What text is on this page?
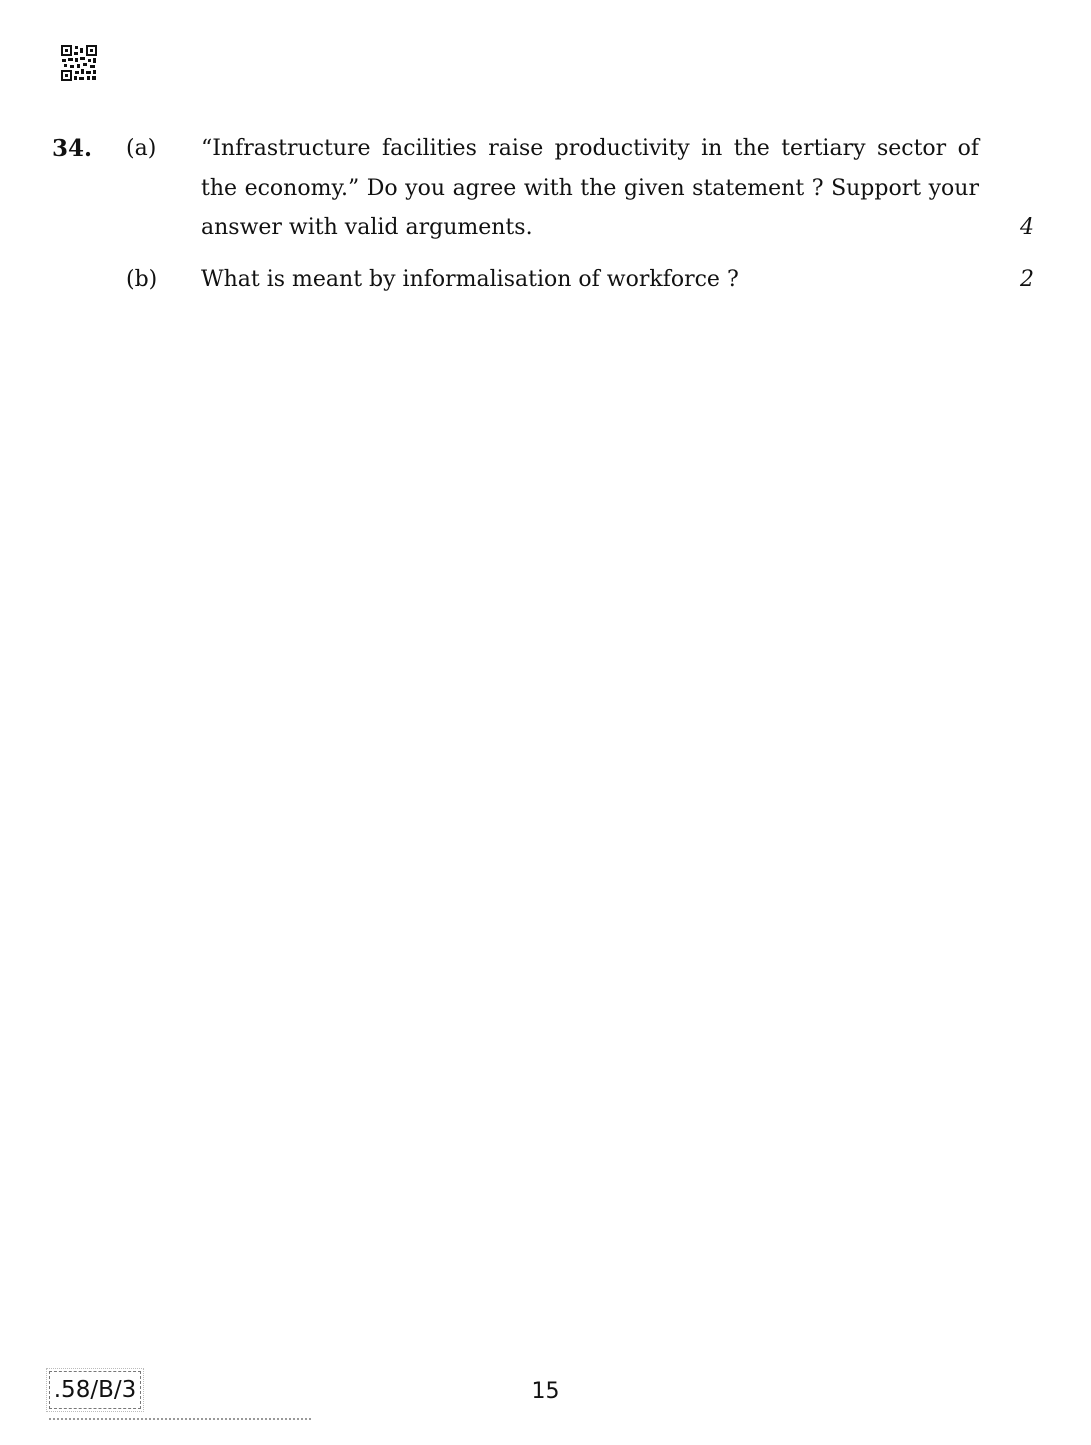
34. (a) “Infrastructure facilities raise productivity in the tertiary sector of the economy.” Do you agree with the given statement ? Support your answer with valid arguments.	4
(b) What is meant by informalisation of workforce ?	2
.58/B/3	15
